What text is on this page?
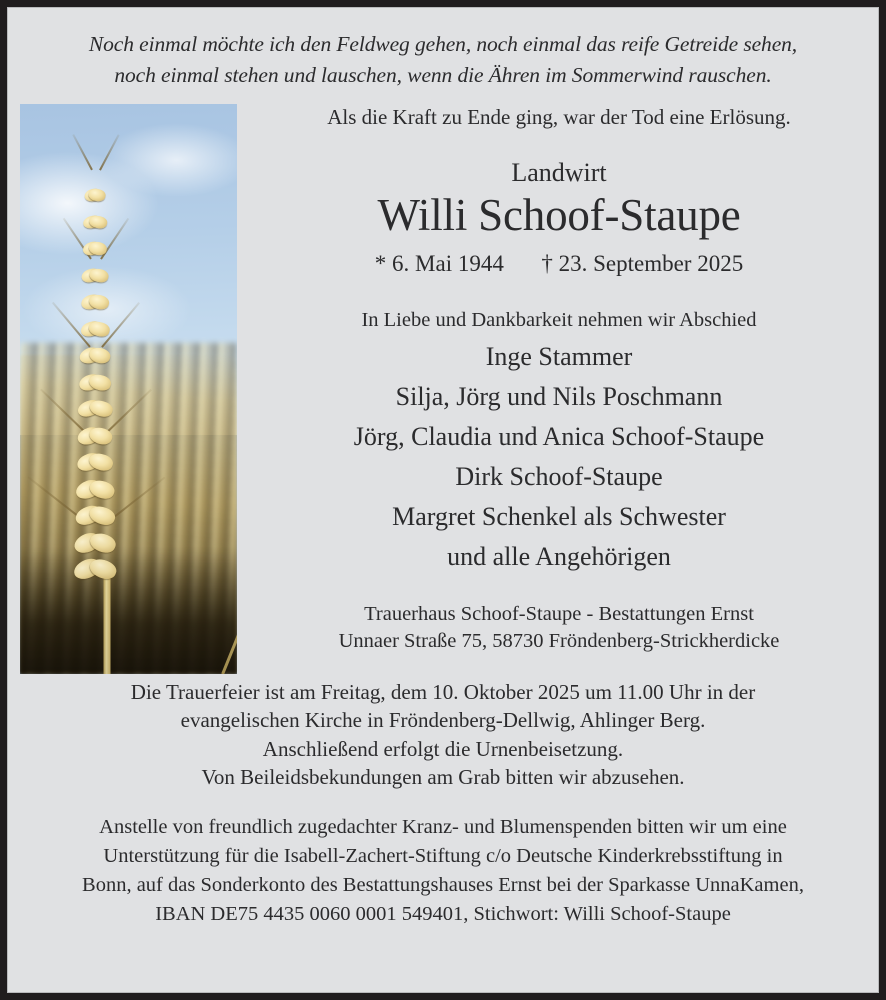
Noch einmal möchte ich den Feldweg gehen, noch einmal das reife Getreide sehen,
noch einmal stehen und lauschen, wenn die Ähren im Sommerwind rauschen.
Als die Kraft zu Ende ging, war der Tod eine Erlösung.
Landwirt
Willi Schoof-Staupe
* 6. Mai 1944 † 23. September 2025
In Liebe und Dankbarkeit nehmen wir Abschied
Inge Stammer
Silja, Jörg und Nils Poschmann
Jörg, Claudia und Anica Schoof-Staupe
Dirk Schoof-Staupe
Margret Schenkel als Schwester
und alle Angehörigen
Trauerhaus Schoof-Staupe - Bestattungen Ernst Unnaer Straße 75, 58730 Fröndenberg-Strickherdicke
Die Trauerfeier ist am Freitag, dem 10. Oktober 2025 um 11.00 Uhr in der
evangelischen Kirche in Fröndenberg-Dellwig, Ahlinger Berg.
Anschließend erfolgt die Urnenbeisetzung.
Von Beileidsbekundungen am Grab bitten wir abzusehen.
Anstelle von freundlich zugedachter Kranz- und Blumenspenden bitten wir um eine
Unterstützung für die Isabell-Zachert-Stiftung c/o Deutsche Kinderkrebsstiftung in
Bonn, auf das Sonderkonto des Bestattungshauses Ernst bei der Sparkasse UnnaKamen,
IBAN DE75 4435 0060 0001 549401, Stichwort: Willi Schoof-Staupe
